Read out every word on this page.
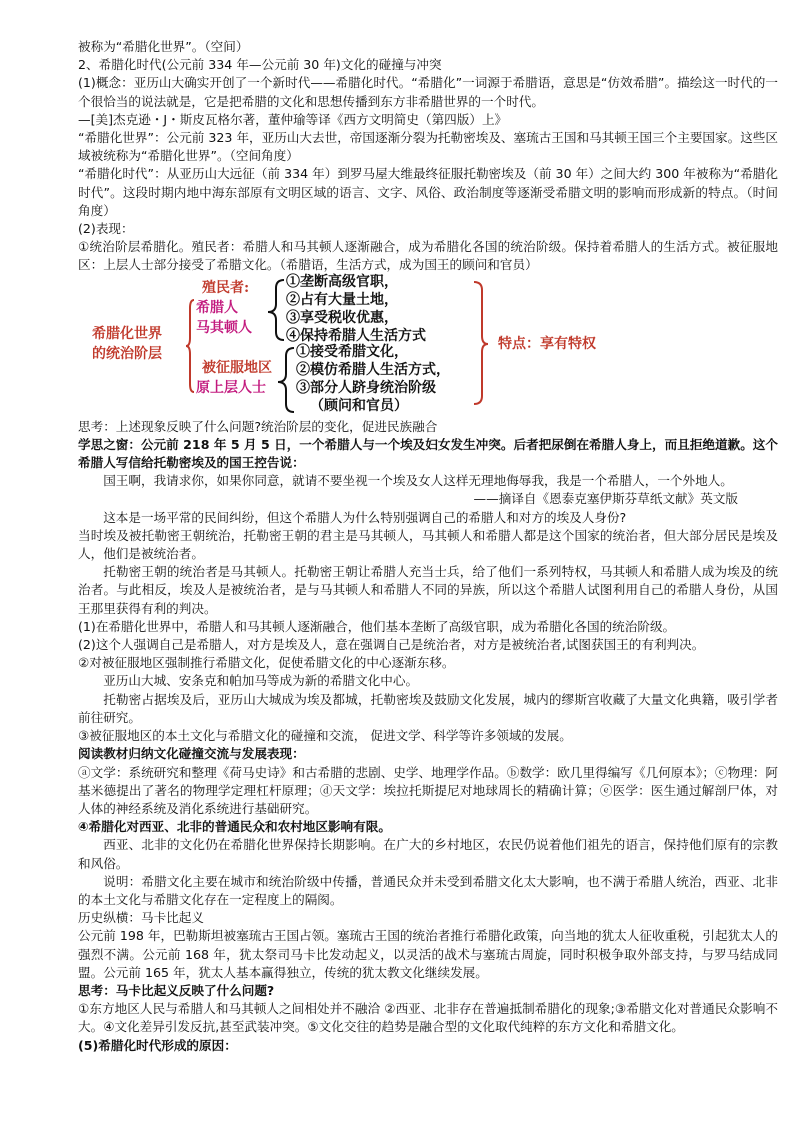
被称为“希腊化世界”。（空间）

2、希腊化时代(公元前 334 年—公元前 30 年)文化的碰撞与冲突

(1)概念：亚历山大确实开创了一个新时代——希腊化时代。“希腊化”一词源于希腊语，意思是“仿效希腊”。描绘这一时代的一个很恰当的说法就是，它是把希腊的文化和思想传播到东方非希腊世界的一个时代。

—[美]杰克逊・J・斯皮瓦格尔著，董仲瑜等译《西方文明简史（第四版）上》

“希腊化世界”：公元前 323 年，亚历山大去世，帝国逐渐分裂为托勒密埃及、塞琉古王国和马其顿王国三个主要国家。这些区域被统称为“希腊化世界”。（空间角度）

“希腊化时代”：从亚历山大远征（前 334 年）到罗马屋大维最终征服托勒密埃及（前 30 年）之间大约 300 年被称为“希腊化时代”。这段时期内地中海东部原有文明区域的语言、文字、风俗、政治制度等逐渐受希腊文明的影响而形成新的特点。（时间角度）

(2)表现：

①统治阶层希腊化。殖民者：希腊人和马其顿人逐渐融合，成为希腊化各国的统治阶级。保持着希腊人的生活方式。被征服地区：上层人士部分接受了希腊文化。（希腊语，生活方式，成为国王的顾问和官员）

希腊化世界
的统治阶层
殖民者:
希腊人
马其顿人
①垄断高级官职，
②占有大量土地，
③享受税收优惠，
④保持希腊人生活方式
被征服地区
原上层人士
①接受希腊文化，
②模仿希腊人生活方式，
③部分人跻身统治阶级
（顾问和官员）
特点：享有特权

思考：上述现象反映了什么问题?统治阶层的变化，促进民族融合

学思之窗：公元前 218 年 5 月 5 日，一个希腊人与一个埃及妇女发生冲突。后者把尿倒在希腊人身上，而且拒绝道歉。这个希腊人写信给托勒密埃及的国王控告说：

国王啊，我请求你，如果你同意，就请不要坐视一个埃及女人这样无理地侮辱我，我是一个希腊人，一个外地人。

——摘译自《恩泰克塞伊斯芬草纸文献》英文版

这本是一场平常的民间纠纷，但这个希腊人为什么特别强调自己的希腊人和对方的埃及人身份?

当时埃及被托勒密王朝统治，托勒密王朝的君主是马其顿人，马其顿人和希腊人都是这个国家的统治者，但大部分居民是埃及人，他们是被统治者。

托勒密王朝的统治者是马其顿人。托勒密王朝让希腊人充当士兵，给了他们一系列特权，马其顿人和希腊人成为埃及的统治者。与此相反，埃及人是被统治者，是与马其顿人和希腊人不同的异族，所以这个希腊人试图利用自己的希腊人身份，从国王那里获得有利的判决。

(1)在希腊化世界中，希腊人和马其顿人逐渐融合，他们基本垄断了高级官职，成为希腊化各国的统治阶级。

(2)这个人强调自己是希腊人，对方是埃及人，意在强调自己是统治者，对方是被统治者,试图获国王的有利判决。

②对被征服地区强制推行希腊文化，促使希腊文化的中心逐渐东移。

亚历山大城、安条克和帕加马等成为新的希腊文化中心。

托勒密占据埃及后，亚历山大城成为埃及都城，托勒密埃及鼓励文化发展，城内的缪斯宫收藏了大量文化典籍，吸引学者前往研究。

③被征服地区的本土文化与希腊文化的碰撞和交流， 促进文学、科学等许多领域的发展。

阅读教材归纳文化碰撞交流与发展表现：

ⓐ文学：系统研究和整理《荷马史诗》和古希腊的悲剧、史学、地理学作品。ⓑ数学：欧几里得编写《几何原本》；ⓒ物理：阿基米德提出了著名的物理学定理杠杆原理；ⓓ天文学：埃拉托斯提尼对地球周长的精确计算；ⓔ医学：医生通过解剖尸体，对人体的神经系统及消化系统进行基础研究。

④希腊化对西亚、北非的普通民众和农村地区影响有限。

西亚、北非的文化仍在希腊化世界保持长期影响。在广大的乡村地区，农民仍说着他们祖先的语言，保持他们原有的宗教和风俗。

说明：希腊文化主要在城市和统治阶级中传播，普通民众并未受到希腊文化太大影响，也不满于希腊人统治，西亚、北非的本土文化与希腊文化存在一定程度上的隔阂。

历史纵横：马卡比起义

公元前 198 年，巴勒斯坦被塞琉古王国占领。塞琉古王国的统治者推行希腊化政策，向当地的犹太人征收重税，引起犹太人的强烈不满。公元前 168 年，犹太祭司马卡比发动起义，以灵活的战术与塞琉古周旋，同时积极争取外部支持，与罗马结成同盟。公元前 165 年，犹太人基本赢得独立，传统的犹太教文化继续发展。

思考：马卡比起义反映了什么问题?

①东方地区人民与希腊人和马其顿人之间相处并不融洽 ②西亚、北非存在普遍抵制希腊化的现象;③希腊文化对普通民众影响不大。④文化差异引发反抗,甚至武装冲突。⑤文化交往的趋势是融合型的文化取代纯粹的东方文化和希腊文化。

(5)希腊化时代形成的原因：
